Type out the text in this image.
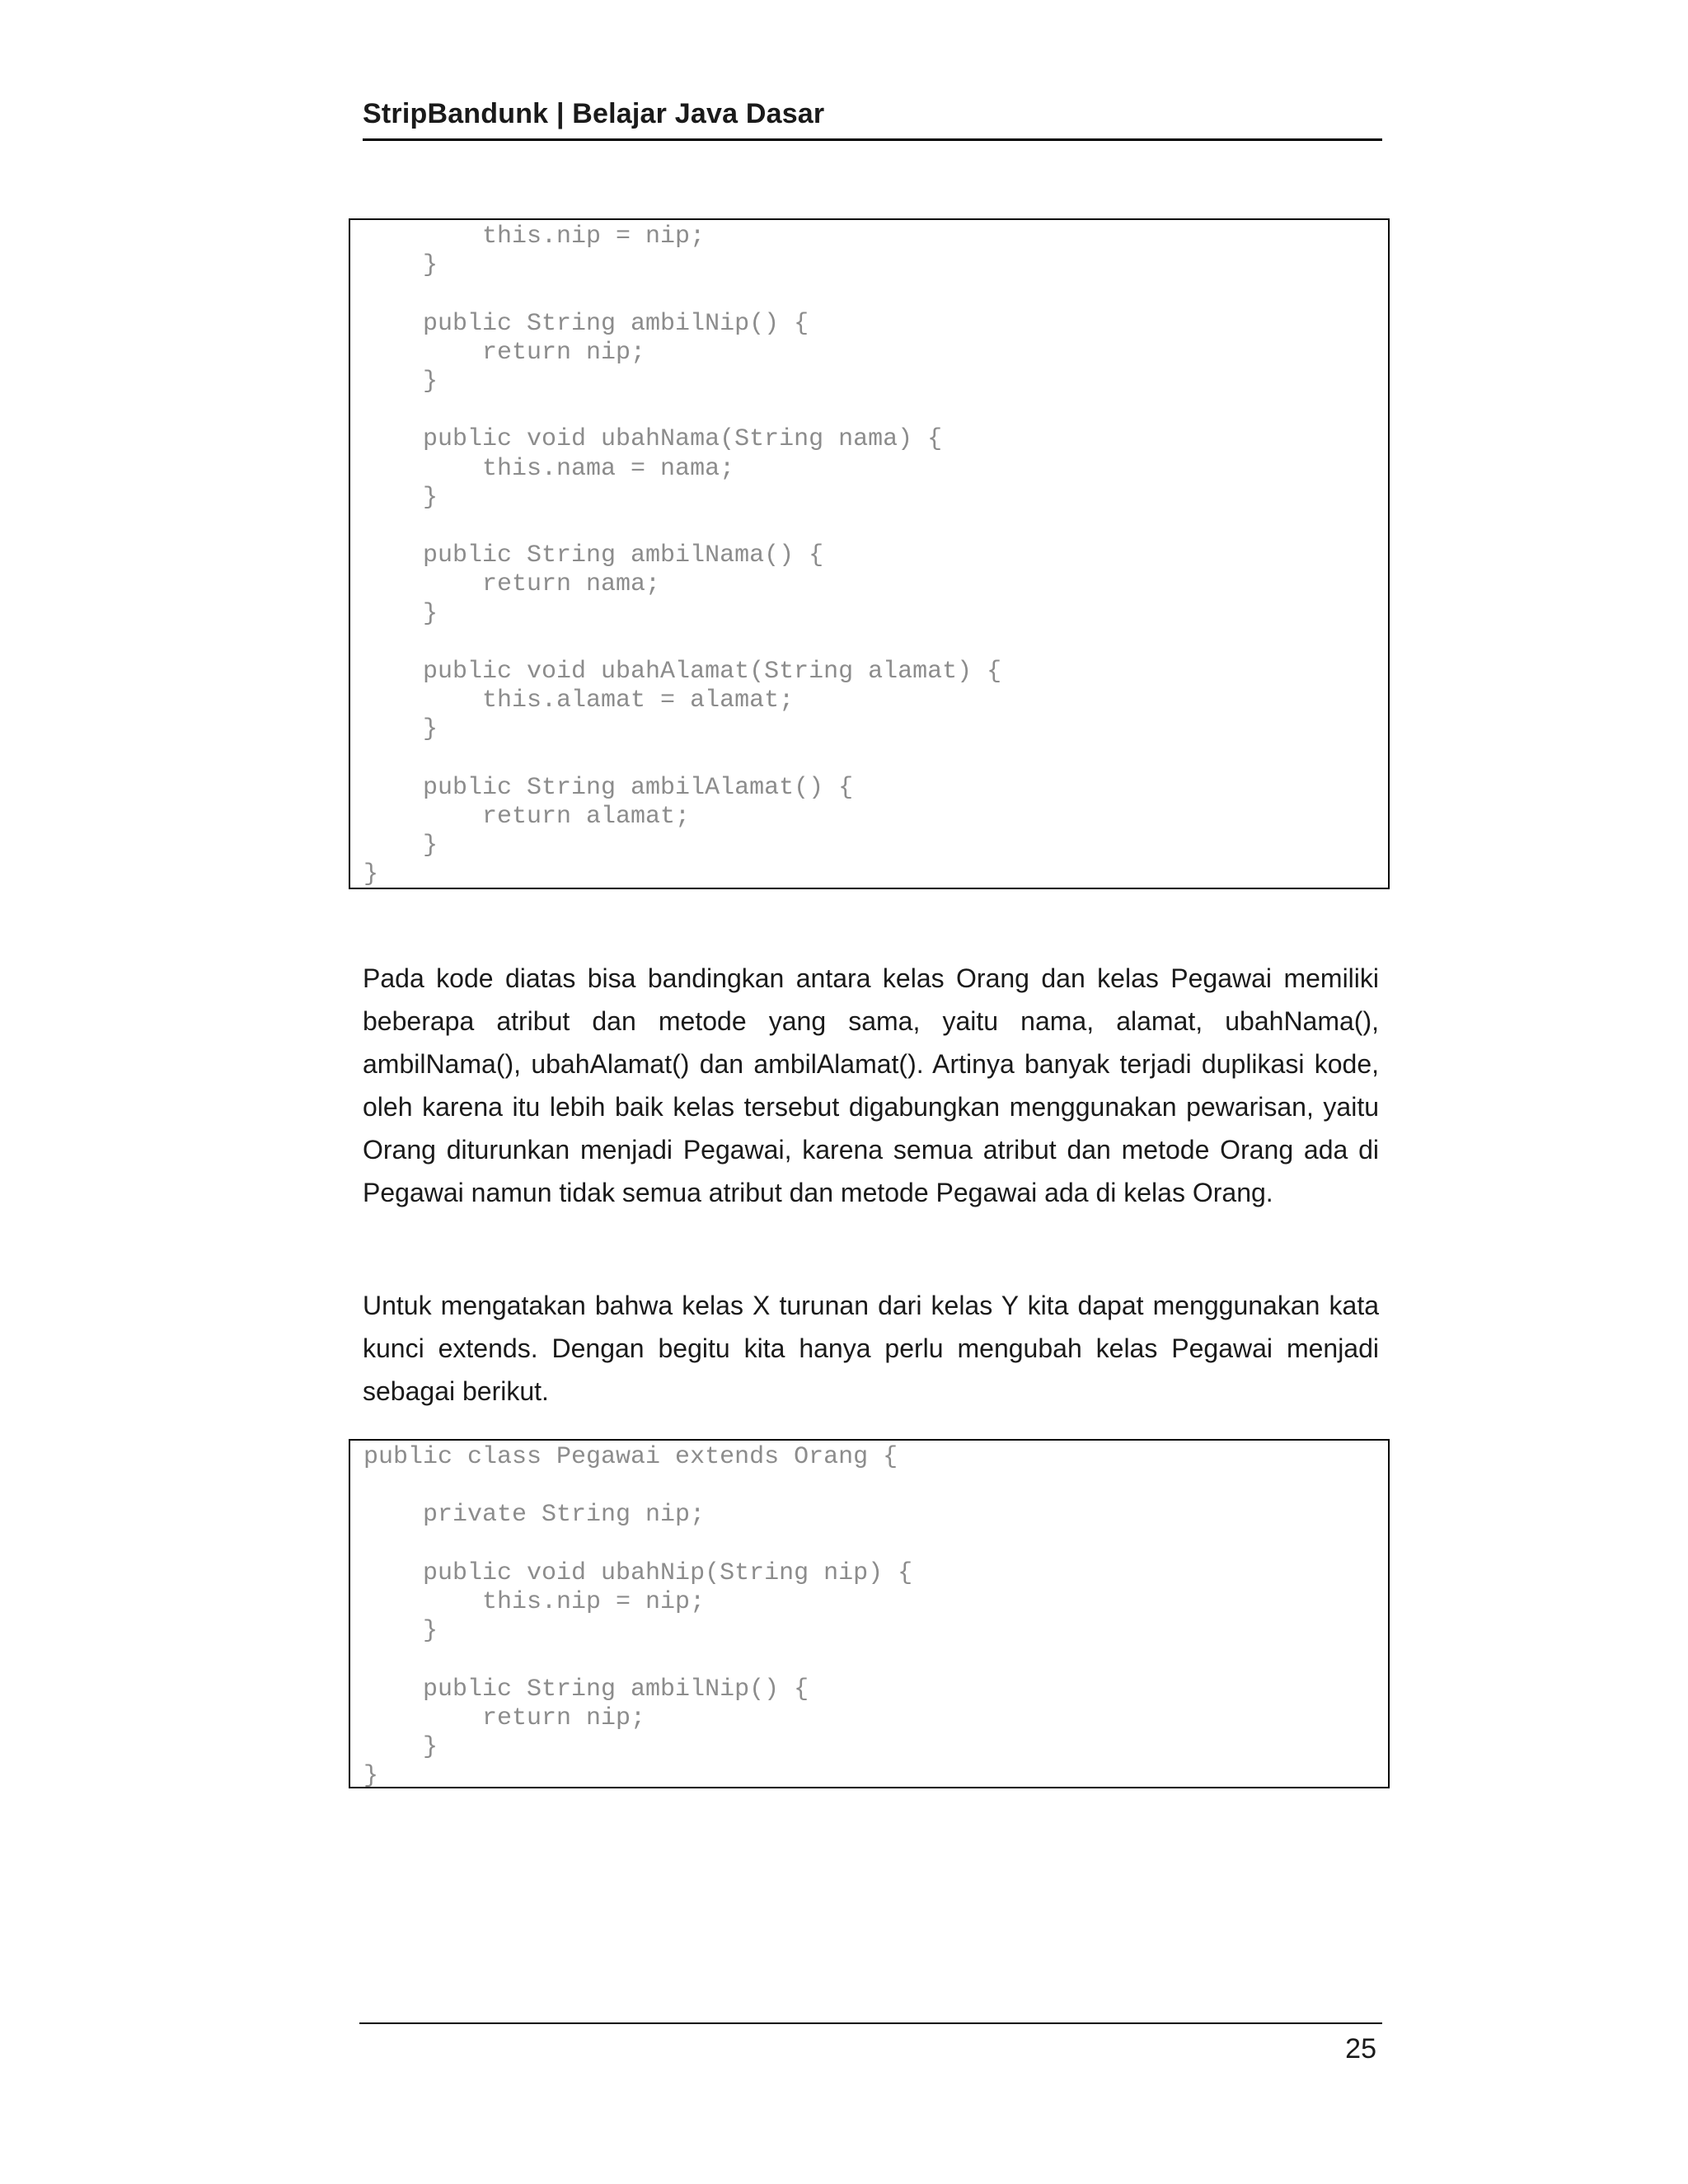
StripBandunk | Belajar Java Dasar
this.nip = nip;
}

public String ambilNip() {
return nip;
}

public void ubahNama(String nama) {
this.nama = nama;
}

public String ambilNama() {
return nama;
}

public void ubahAlamat(String alamat) {
this.alamat = alamat;
}

public String ambilAlamat() {
return alamat;
}
}

Pada kode diatas bisa bandingkan antara kelas Orang dan kelas Pegawai memiliki beberapa atribut dan metode yang sama, yaitu nama, alamat, ubahNama(), ambilNama(), ubahAlamat() dan ambilAlamat(). Artinya banyak terjadi duplikasi kode, oleh karena itu lebih baik kelas tersebut digabungkan menggunakan pewarisan, yaitu Orang diturunkan menjadi Pegawai, karena semua atribut dan metode Orang ada di Pegawai namun tidak semua atribut dan metode Pegawai ada di kelas Orang.

Untuk mengatakan bahwa kelas X turunan dari kelas Y kita dapat menggunakan kata kunci extends. Dengan begitu kita hanya perlu mengubah kelas Pegawai menjadi sebagai berikut.

public class Pegawai extends Orang {

private String nip;

public void ubahNip(String nip) {
this.nip = nip;
}

public String ambilNip() {
return nip;
}
}
25
